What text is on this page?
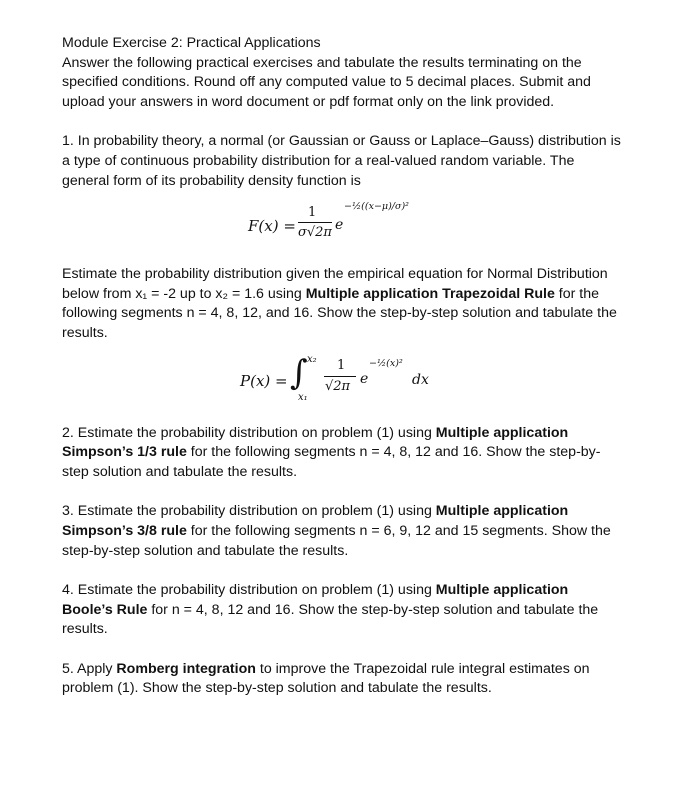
Module Exercise 2: Practical Applications

Answer the following practical exercises and tabulate the results terminating on the specified conditions. Round off any computed value to 5 decimal places. Submit and upload your answers in word document or pdf format only on the link provided.

1. In probability theory, a normal (or Gaussian or Gauss or Laplace–Gauss) distribution is a type of continuous probability distribution for a real-valued random variable. The general form of its probability density function is

F(x) =
1
σ√2π e
−½((x−μ)/σ)²

Estimate the probability distribution given the empirical equation for Normal Distribution below from x₁ = -2 up to x₂ = 1.6 using Multiple application Trapezoidal Rule for the following segments n = 4, 8, 12, and 16. Show the step-by-step solution and tabulate the results.

P(x) = ∫ x₂
x₁
1
√2π e
−½(x)²
dx

2. Estimate the probability distribution on problem (1) using Multiple application Simpson’s 1/3 rule for the following segments n = 4, 8, 12 and 16. Show the step-by-step solution and tabulate the results.

3. Estimate the probability distribution on problem (1) using Multiple application Simpson’s 3/8 rule for the following segments n = 6, 9, 12 and 15 segments. Show the step-by-step solution and tabulate the results.

4. Estimate the probability distribution on problem (1) using Multiple application Boole’s Rule for n = 4, 8, 12 and 16. Show the step-by-step solution and tabulate the results.

5. Apply Romberg integration to improve the Trapezoidal rule integral estimates on problem (1). Show the step-by-step solution and tabulate the results.
